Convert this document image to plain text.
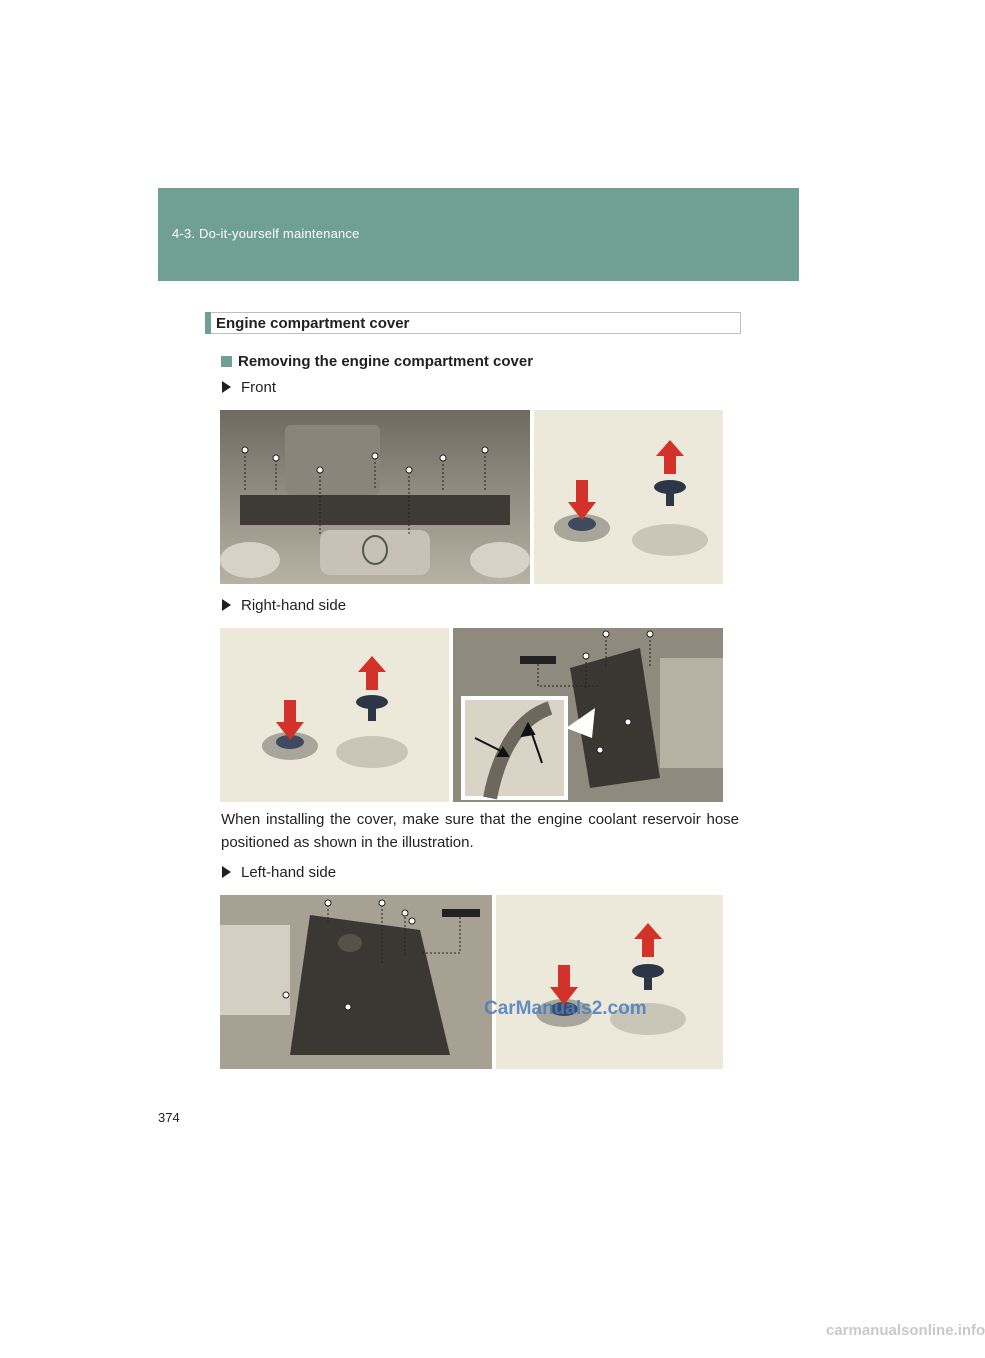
4-3. Do-it-yourself maintenance
Engine compartment cover
Removing the engine compartment cover
Front
Right-hand side

When installing the cover, make sure that the engine coolant reservoir hose positioned as shown in the illustration.

Left-hand side
CarManuals2.com
374
carmanualsonline.info
